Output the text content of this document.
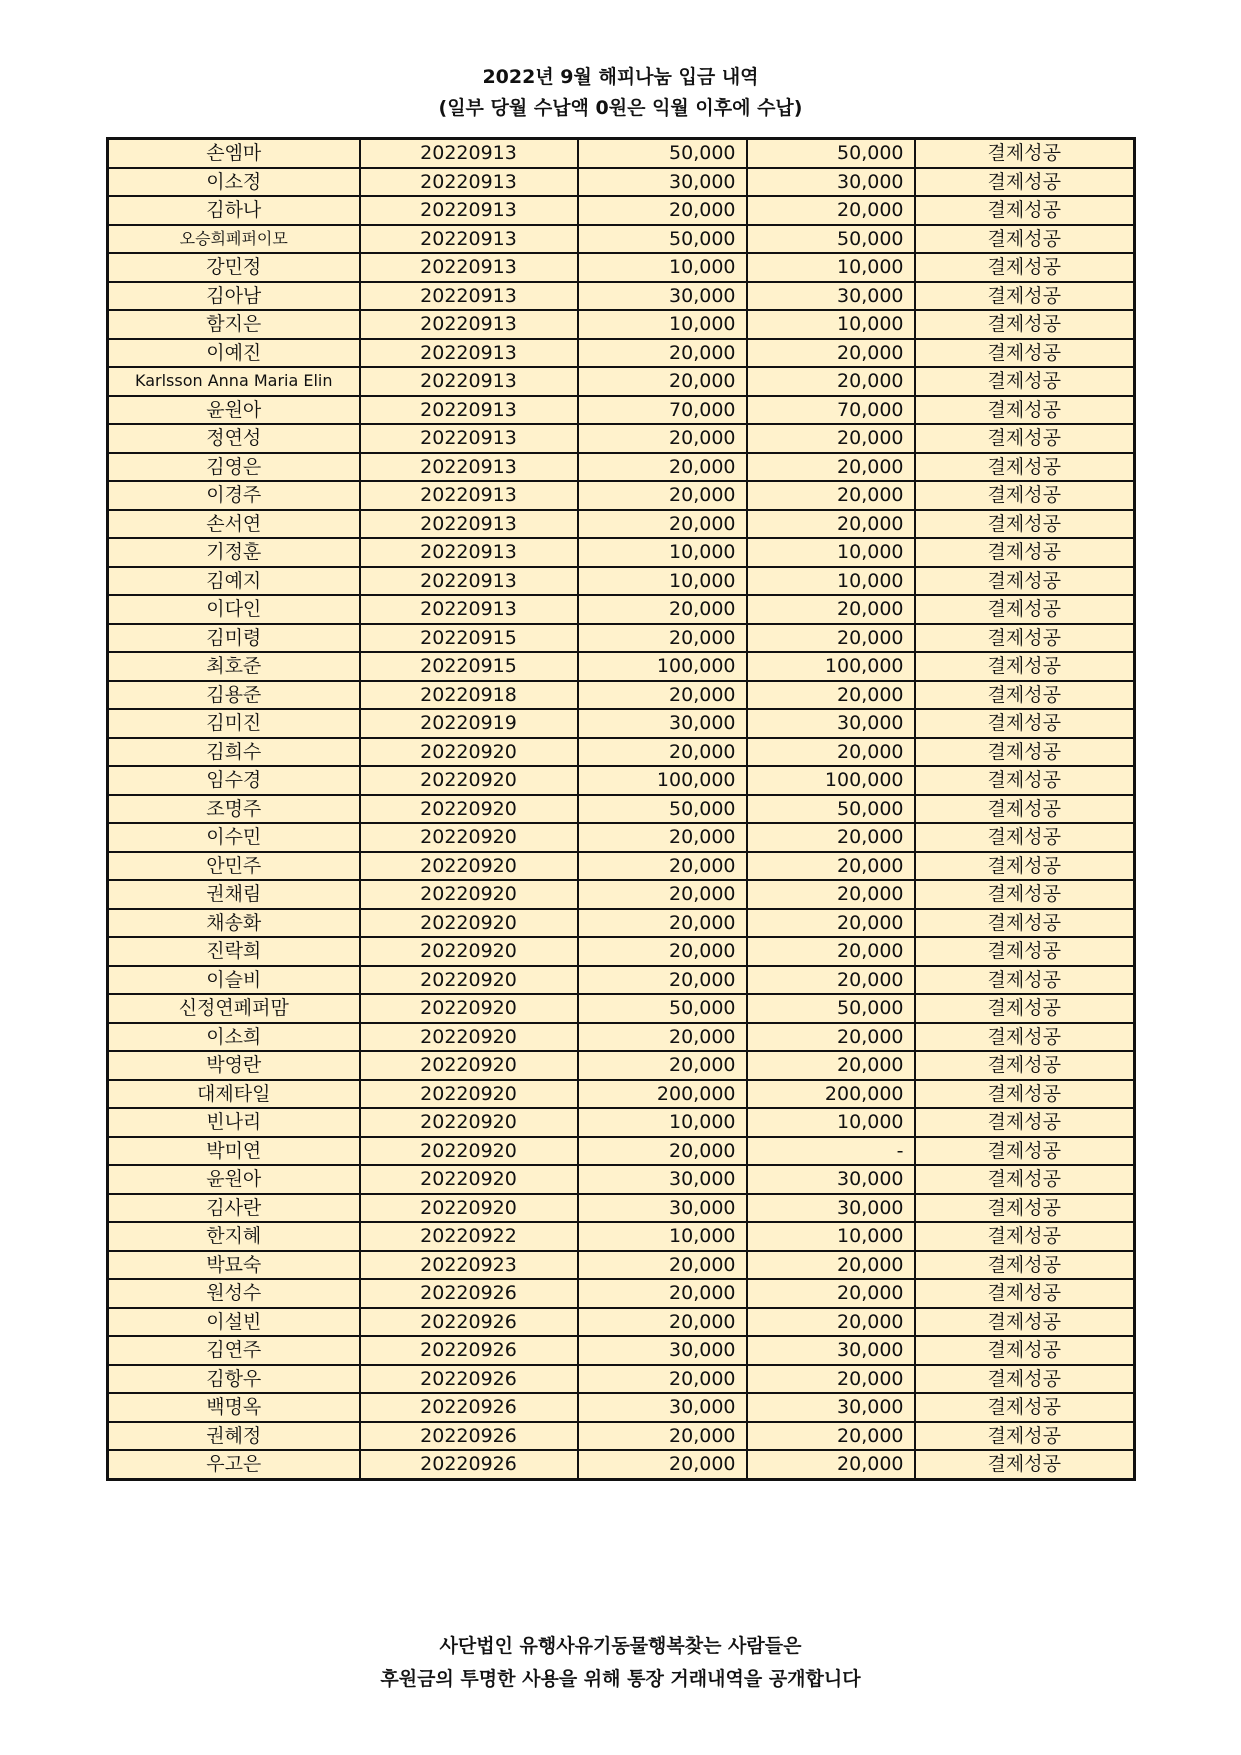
2022년 9월 해피나눔 입금 내역
(일부 당월 수납액 0원은 익월 이후에 수납)
손엠마	20220913	50,000	50,000	결제성공
이소정	20220913	30,000	30,000	결제성공
김하나	20220913	20,000	20,000	결제성공
오승희페퍼이모	20220913	50,000	50,000	결제성공
강민정	20220913	10,000	10,000	결제성공
김아남	20220913	30,000	30,000	결제성공
함지은	20220913	10,000	10,000	결제성공
이예진	20220913	20,000	20,000	결제성공
Karlsson Anna Maria Elin	20220913	20,000	20,000	결제성공
윤원아	20220913	70,000	70,000	결제성공
정연성	20220913	20,000	20,000	결제성공
김영은	20220913	20,000	20,000	결제성공
이경주	20220913	20,000	20,000	결제성공
손서연	20220913	20,000	20,000	결제성공
기정훈	20220913	10,000	10,000	결제성공
김예지	20220913	10,000	10,000	결제성공
이다인	20220913	20,000	20,000	결제성공
김미령	20220915	20,000	20,000	결제성공
최호준	20220915	100,000	100,000	결제성공
김용준	20220918	20,000	20,000	결제성공
김미진	20220919	30,000	30,000	결제성공
김희수	20220920	20,000	20,000	결제성공
임수경	20220920	100,000	100,000	결제성공
조명주	20220920	50,000	50,000	결제성공
이수민	20220920	20,000	20,000	결제성공
안민주	20220920	20,000	20,000	결제성공
권채림	20220920	20,000	20,000	결제성공
채송화	20220920	20,000	20,000	결제성공
진락희	20220920	20,000	20,000	결제성공
이슬비	20220920	20,000	20,000	결제성공
신정연페퍼맘	20220920	50,000	50,000	결제성공
이소희	20220920	20,000	20,000	결제성공
박영란	20220920	20,000	20,000	결제성공
대제타일	20220920	200,000	200,000	결제성공
빈나리	20220920	10,000	10,000	결제성공
박미연	20220920	20,000	-	결제성공
윤원아	20220920	30,000	30,000	결제성공
김사란	20220920	30,000	30,000	결제성공
한지혜	20220922	10,000	10,000	결제성공
박묘숙	20220923	20,000	20,000	결제성공
원성수	20220926	20,000	20,000	결제성공
이설빈	20220926	20,000	20,000	결제성공
김연주	20220926	30,000	30,000	결제성공
김항우	20220926	20,000	20,000	결제성공
백명옥	20220926	30,000	30,000	결제성공
권혜정	20220926	20,000	20,000	결제성공
우고은	20220926	20,000	20,000	결제성공
사단법인 유행사유기동물행복찾는 사람들은
후원금의 투명한 사용을 위해 통장 거래내역을 공개합니다
